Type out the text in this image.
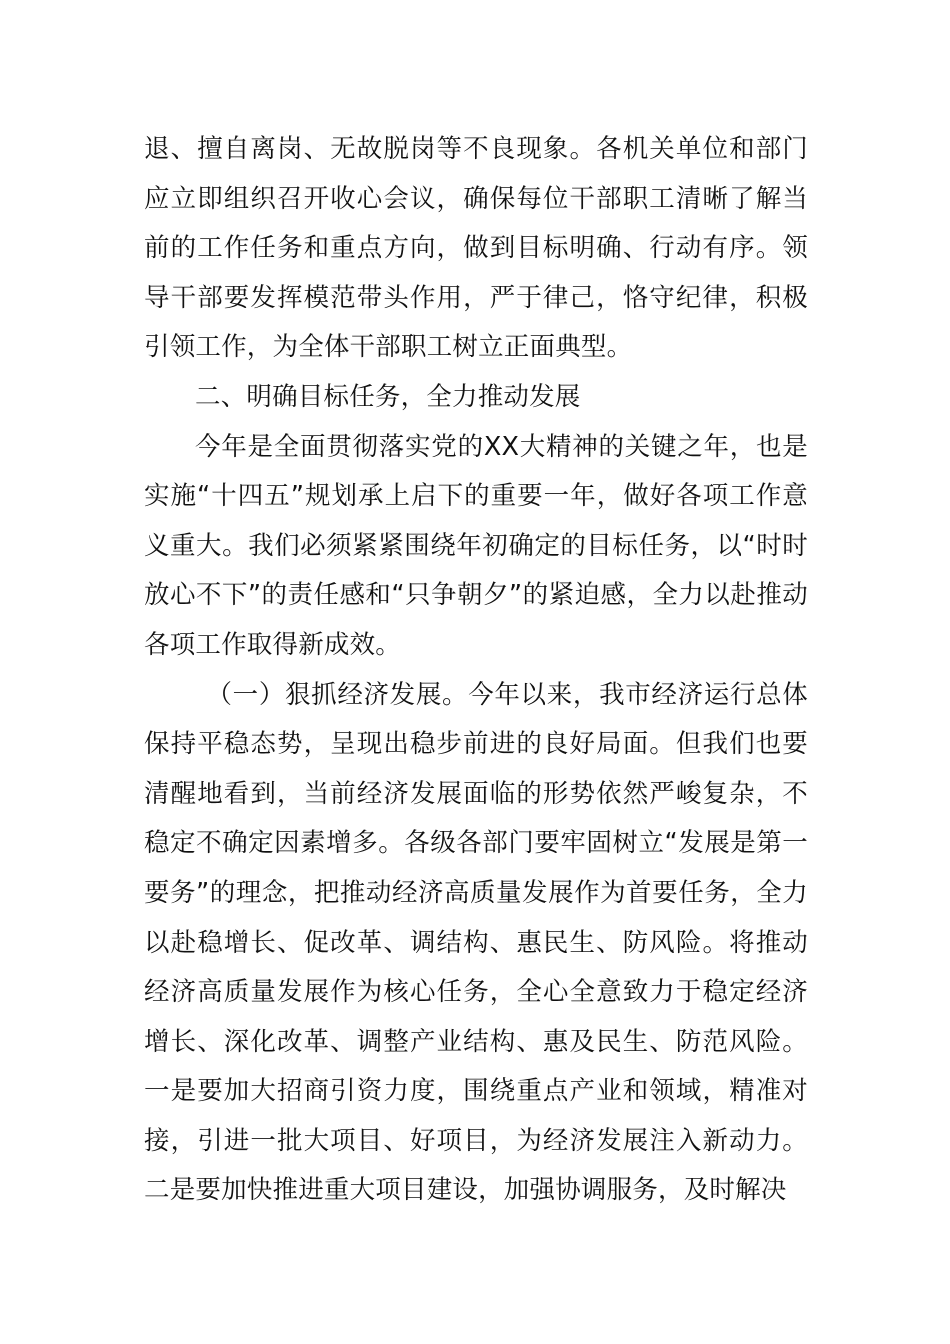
退、擅自离岗、无故脱岗等不良现象。各机关单位和部门应立即组织召开收心会议，确保每位干部职工清晰了解当前的工作任务和重点方向，做到目标明确、行动有序。领导干部要发挥模范带头作用，严于律己，恪守纪律，积极引领工作，为全体干部职工树立正面典型。

二、明确目标任务，全力推动发展

今年是全面贯彻落实党的XX大精神的关键之年，也是实施“十四五”规划承上启下的重要一年，做好各项工作意义重大。我们必须紧紧围绕年初确定的目标任务，以“时时放心不下”的责任感和“只争朝夕”的紧迫感，全力以赴推动各项工作取得新成效。

（一）狠抓经济发展。今年以来，我市经济运行总体保持平稳态势，呈现出稳步前进的良好局面。但我们也要清醒地看到，当前经济发展面临的形势依然严峻复杂，不稳定不确定因素增多。各级各部门要牢固树立“发展是第一要务”的理念，把推动经济高质量发展作为首要任务，全力以赴稳增长、促改革、调结构、惠民生、防风险。将推动经济高质量发展作为核心任务，全心全意致力于稳定经济增长、深化改革、调整产业结构、惠及民生、防范风险。一是要加大招商引资力度，围绕重点产业和领域，精准对接，引进一批大项目、好项目，为经济发展注入新动力。二是要加快推进重大项目建设，加强协调服务，及时解决
